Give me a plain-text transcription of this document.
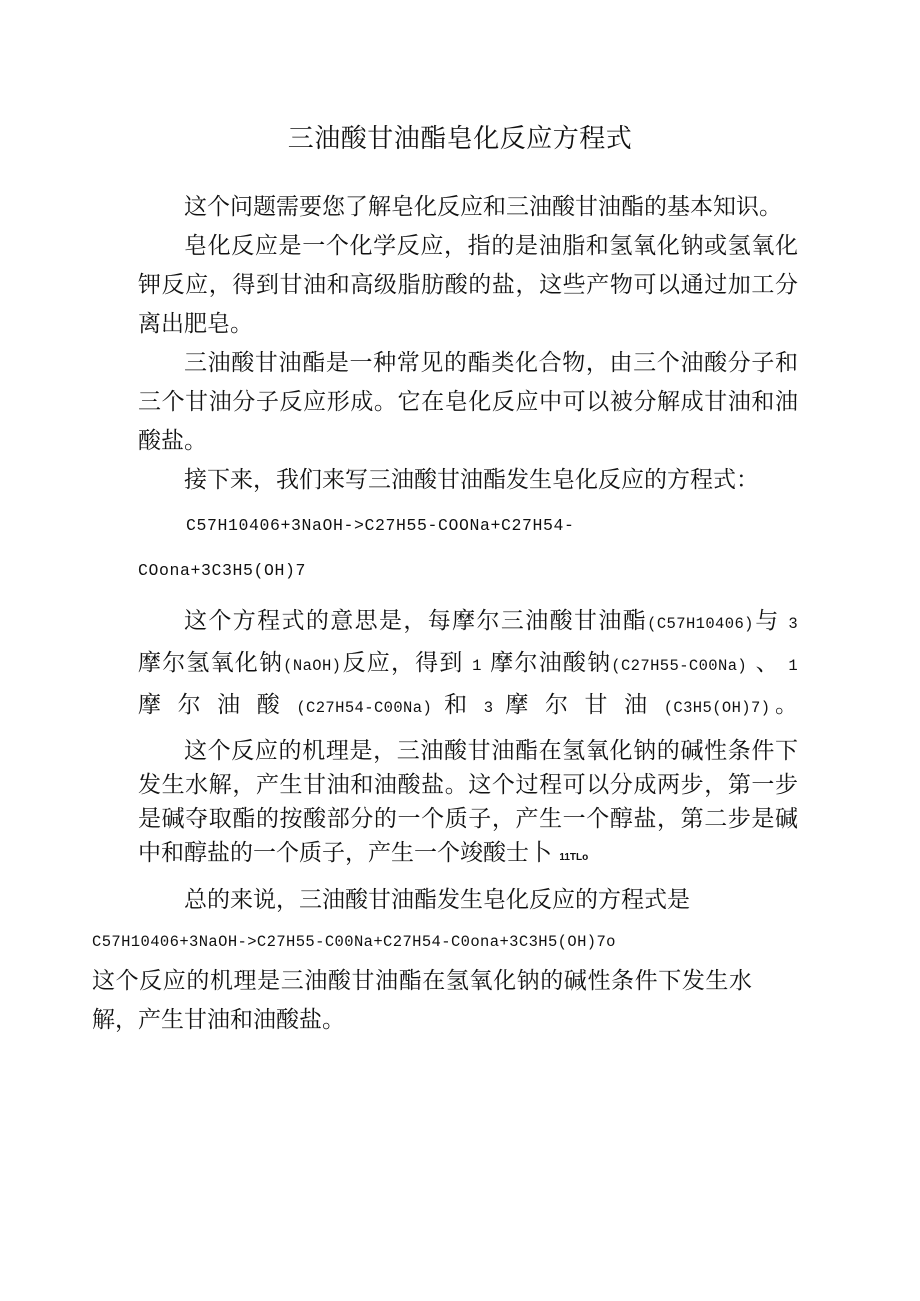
三油酸甘油酯皂化反应方程式

这个问题需要您了解皂化反应和三油酸甘油酯的基本知识。

皂化反应是一个化学反应，指的是油脂和氢氧化钠或氢氧化钾反应，得到甘油和高级脂肪酸的盐，这些产物可以通过加工分离出肥皂。

三油酸甘油酯是一种常见的酯类化合物，由三个油酸分子和三个甘油分子反应形成。它在皂化反应中可以被分解成甘油和油酸盐。

接下来，我们来写三油酸甘油酯发生皂化反应的方程式：

C57H10406+3NaOH->C27H55-COONa+C27H54-

COona+3C3H5(OH)7

这个方程式的意思是，每摩尔三油酸甘油酯(C57H10406)与 3 摩尔氢氧化钠(NaOH)反应，得到 1 摩尔油酸钠(C27H55-C00Na) 、 1 摩 尔 油 酸 (C27H54-C00Na) 和 3 摩 尔 甘 油 (C3H5(OH)7)。

这个反应的机理是，三油酸甘油酯在氢氧化钠的碱性条件下发生水解，产生甘油和油酸盐。这个过程可以分成两步，第一步是碱夺取酯的按酸部分的一个质子，产生一个醇盐，第二步是碱中和醇盐的一个质子，产生一个竣酸士卜 11TLo

总的来说，三油酸甘油酯发生皂化反应的方程式是
C57H10406+3NaOH->C27H55-C00Na+C27H54-C0ona+3C3H5(OH)7o
这个反应的机理是三油酸甘油酯在氢氧化钠的碱性条件下发生水解，产生甘油和油酸盐。
